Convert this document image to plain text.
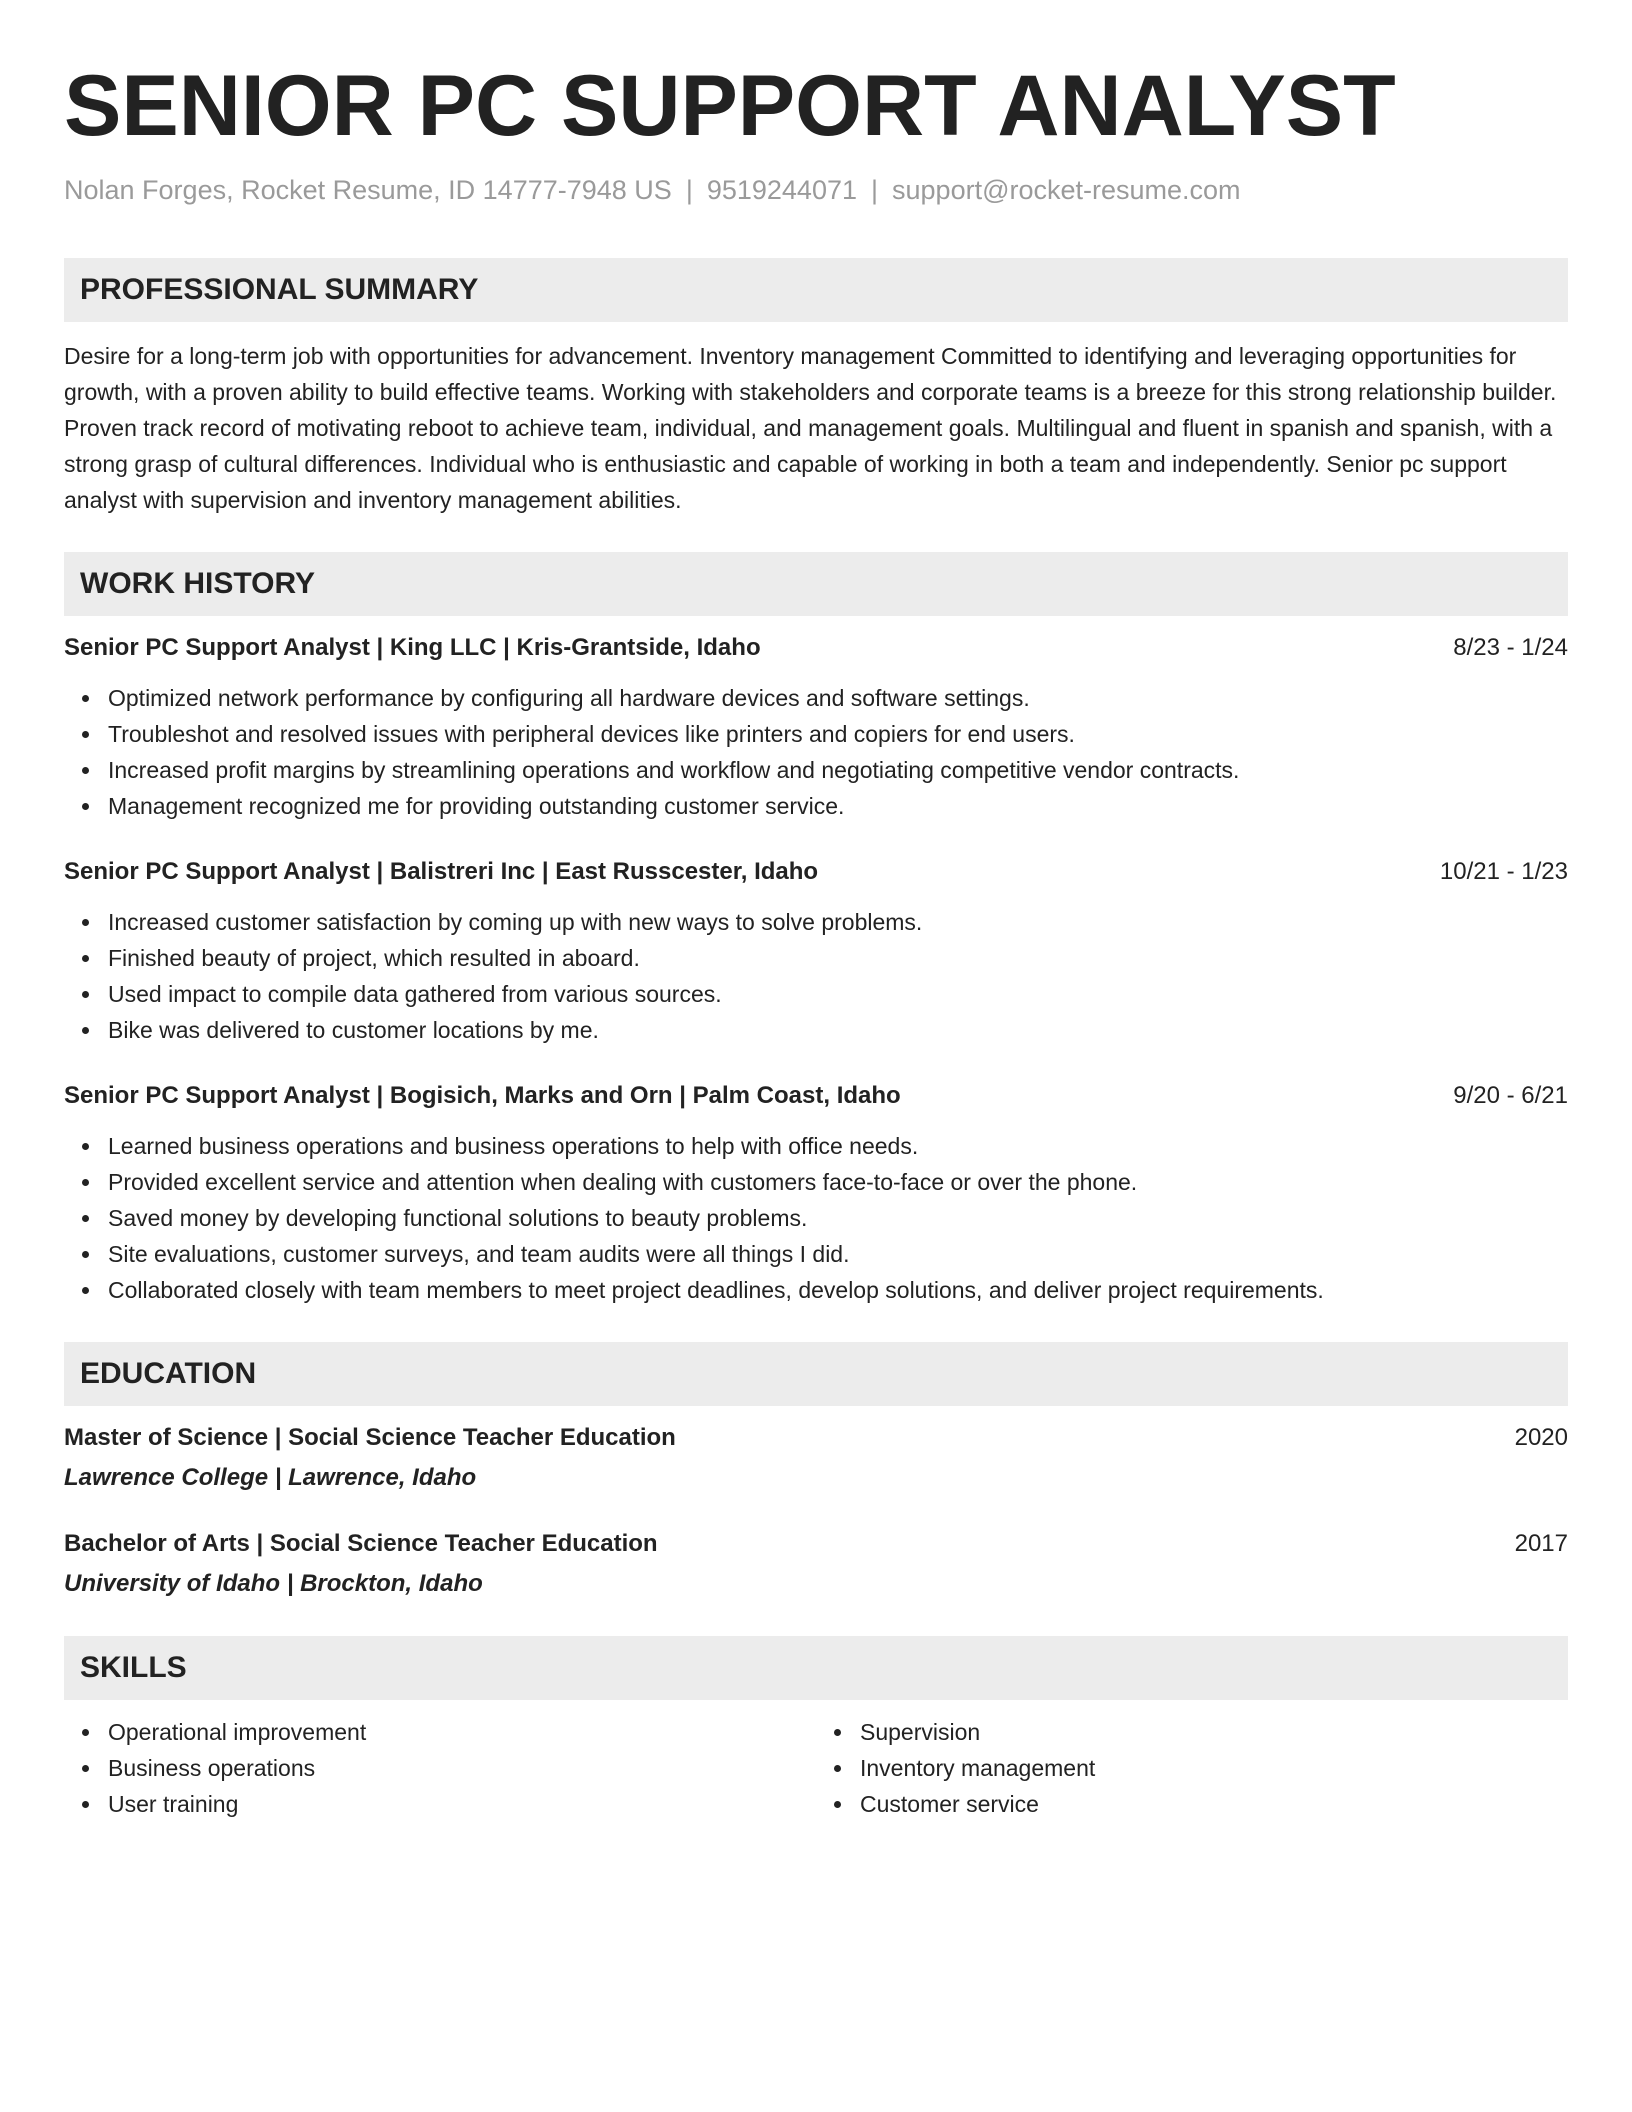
SENIOR PC SUPPORT ANALYST
Nolan Forges, Rocket Resume, ID 14777-7948 US | 9519244071 | support@rocket-resume.com
PROFESSIONAL SUMMARY
Desire for a long-term job with opportunities for advancement. Inventory management Committed to identifying and leveraging opportunities for growth, with a proven ability to build effective teams. Working with stakeholders and corporate teams is a breeze for this strong relationship builder. Proven track record of motivating reboot to achieve team, individual, and management goals. Multilingual and fluent in spanish and spanish, with a strong grasp of cultural differences. Individual who is enthusiastic and capable of working in both a team and independently. Senior pc support analyst with supervision and inventory management abilities.
WORK HISTORY
Senior PC Support Analyst | King LLC | Kris-Grantside, Idaho	8/23 - 1/24
Optimized network performance by configuring all hardware devices and software settings.
Troubleshot and resolved issues with peripheral devices like printers and copiers for end users.
Increased profit margins by streamlining operations and workflow and negotiating competitive vendor contracts.
Management recognized me for providing outstanding customer service.
Senior PC Support Analyst | Balistreri Inc | East Russcester, Idaho	10/21 - 1/23
Increased customer satisfaction by coming up with new ways to solve problems.
Finished beauty of project, which resulted in aboard.
Used impact to compile data gathered from various sources.
Bike was delivered to customer locations by me.
Senior PC Support Analyst | Bogisich, Marks and Orn | Palm Coast, Idaho	9/20 - 6/21
Learned business operations and business operations to help with office needs.
Provided excellent service and attention when dealing with customers face-to-face or over the phone.
Saved money by developing functional solutions to beauty problems.
Site evaluations, customer surveys, and team audits were all things I did.
Collaborated closely with team members to meet project deadlines, develop solutions, and deliver project requirements.
EDUCATION
Master of Science | Social Science Teacher Education	2020
Lawrence College | Lawrence, Idaho
Bachelor of Arts | Social Science Teacher Education	2017
University of Idaho | Brockton, Idaho
SKILLS
Operational improvement
Business operations
User training
Supervision
Inventory management
Customer service
